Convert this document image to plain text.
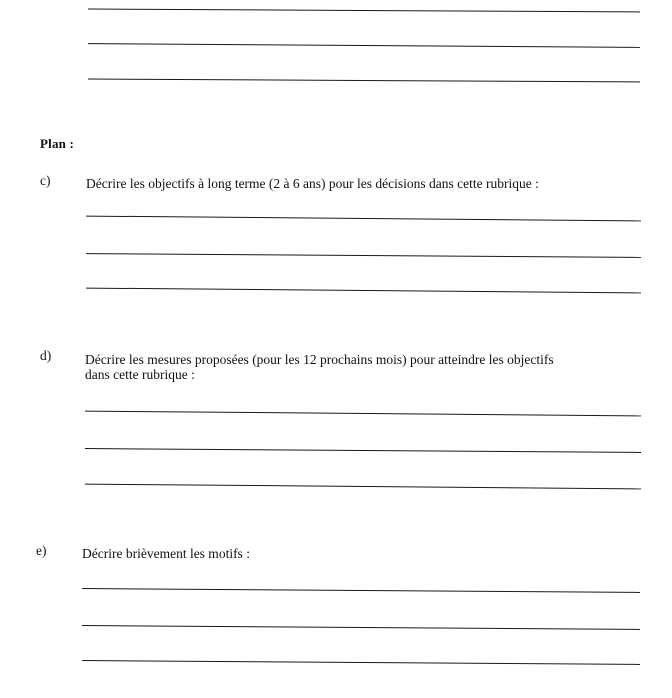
Plan :
c)	Décrire les objectifs à long terme (2 à 6 ans) pour les décisions dans cette rubrique :
d)	Décrire les mesures proposées (pour les 12 prochains mois) pour atteindre les objectifs
dans cette rubrique :
e)	Décrire brièvement les motifs :
